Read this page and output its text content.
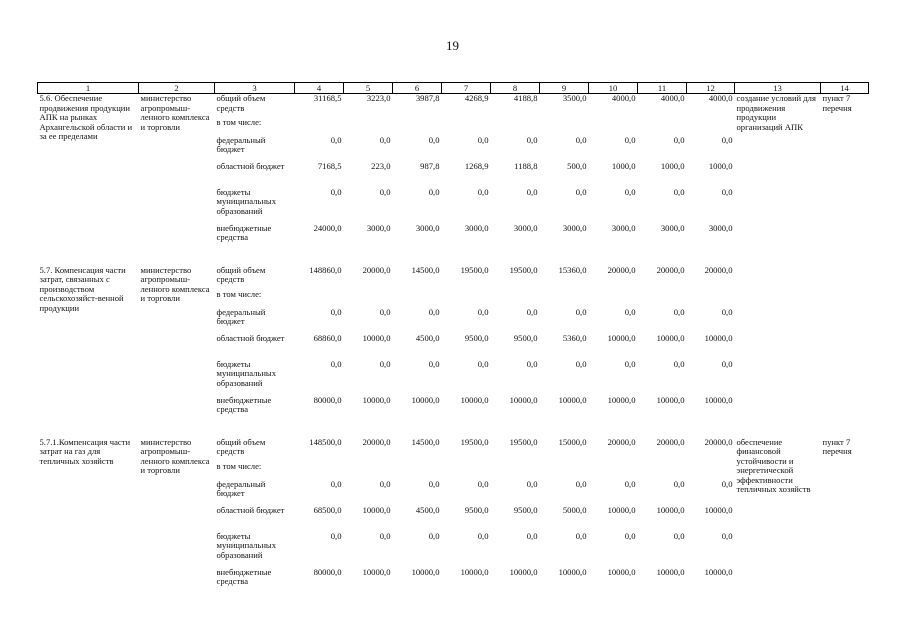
19
1	2	3	4	5	6	7	8	9	10	11	12	13	14
5.6. Обеспечение продвижения продукции АПК на рынках Архангельской области и за ее пределами	министерство агропромыш-ленного комплекса и торговли	общий объем средств	31168,5	3223,0	3987,8	4268,9	4188,8	3500,0	4000,0	4000,0	4000,0	создание условий для продвижения продукции организаций АПК	пункт 7 перечня
		в том числе:											
		федеральный бюджет	0,0	0,0	0,0	0,0	0,0	0,0	0,0	0,0	0,0		
		областной бюджет	7168,5	223,0	987,8	1268,9	1188,8	500,0	1000,0	1000,0	1000,0		
		бюджеты муниципальных образований	0,0	0,0	0,0	0,0	0,0	0,0	0,0	0,0	0,0		
		внебюджетные средства	24000,0	3000,0	3000,0	3000,0	3000,0	3000,0	3000,0	3000,0	3000,0		

5.7. Компенсация части затрат, связанных с производством сельскохозяйст-венной продукции	министерство агропромыш-ленного комплекса и торговли	общий объем средств	148860,0	20000,0	14500,0	19500,0	19500,0	15360,0	20000,0	20000,0	20000,0		
		в том числе:											
		федеральный бюджет	0,0	0,0	0,0	0,0	0,0	0,0	0,0	0,0	0,0		
		областной бюджет	68860,0	10000,0	4500,0	9500,0	9500,0	5360,0	10000,0	10000,0	10000,0		
		бюджеты муниципальных образований	0,0	0,0	0,0	0,0	0,0	0,0	0,0	0,0	0,0		
		внебюджетные средства	80000,0	10000,0	10000,0	10000,0	10000,0	10000,0	10000,0	10000,0	10000,0		

5.7.1.Компенсация части затрат на газ для тепличных хозяйств	министерство агропромыш-ленного комплекса и торговли	общий объем средств	148500,0	20000,0	14500,0	19500,0	19500,0	15000,0	20000,0	20000,0	20000,0	обеспечение финансовой устойчивости и энергетической эффективности тепличных хозяйств	пункт 7 перечня
		в том числе:											
		федеральный бюджет	0,0	0,0	0,0	0,0	0,0	0,0	0,0	0,0	0,0		
		областной бюджет	68500,0	10000,0	4500,0	9500,0	9500,0	5000,0	10000,0	10000,0	10000,0		
		бюджеты муниципальных образований	0,0	0,0	0,0	0,0	0,0	0,0	0,0	0,0	0,0		
		внебюджетные средства	80000,0	10000,0	10000,0	10000,0	10000,0	10000,0	10000,0	10000,0	10000,0		
